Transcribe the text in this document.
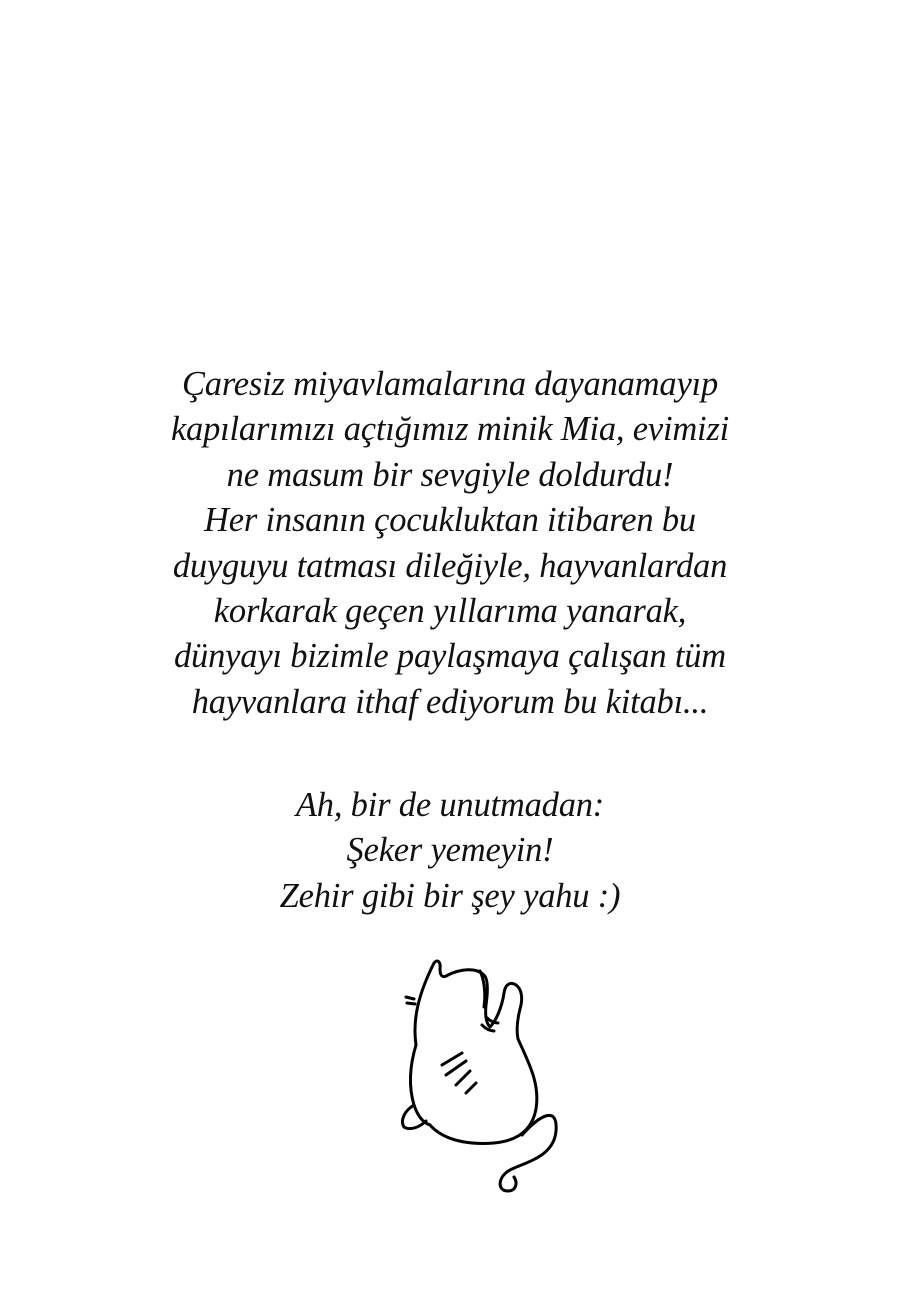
Çaresiz miyavlamalarına dayanamayıp
kapılarımızı açtığımız minik Mia, evimizi
ne masum bir sevgiyle doldurdu!
Her insanın çocukluktan itibaren bu
duyguyu tatması dileğiyle, hayvanlardan
korkarak geçen yıllarıma yanarak,
dünyayı bizimle paylaşmaya çalışan tüm
hayvanlara ithaf ediyorum bu kitabı...
Ah, bir de unutmadan:
Şeker yemeyin!
Zehir gibi bir şey yahu :)
